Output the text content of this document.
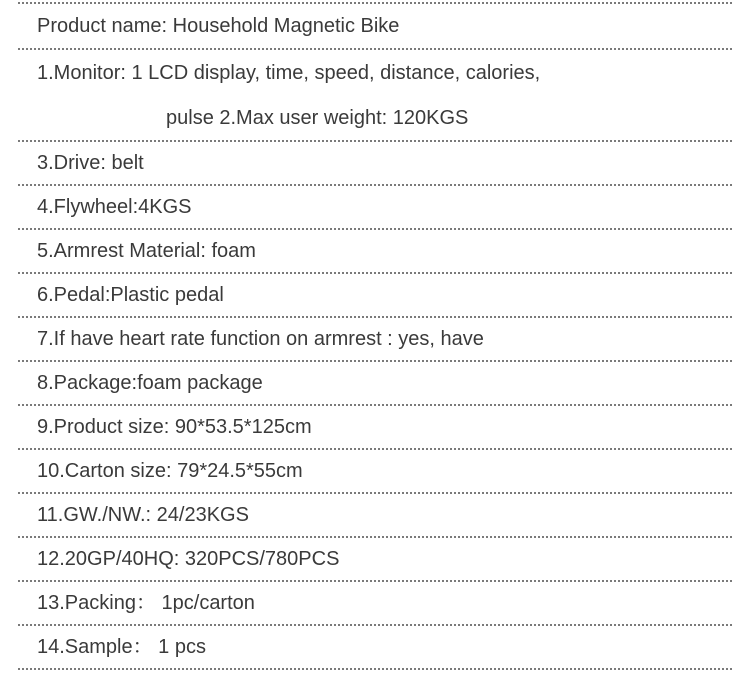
Product name: Household Magnetic Bike
1.Monitor: 1 LCD display, time, speed, distance, calories,
pulse 2.Max user weight: 120KGS
3.Drive: belt
4.Flywheel:4KGS
5.Armrest Material: foam
6.Pedal:Plastic pedal
7.If have heart rate function on armrest : yes, have
8.Package:foam package
9.Product size: 90*53.5*125cm
10.Carton size: 79*24.5*55cm
11.GW./NW.: 24/23KGS
12.20GP/40HQ: 320PCS/780PCS
13.Packing： 1pc/carton
14.Sample： 1 pcs
